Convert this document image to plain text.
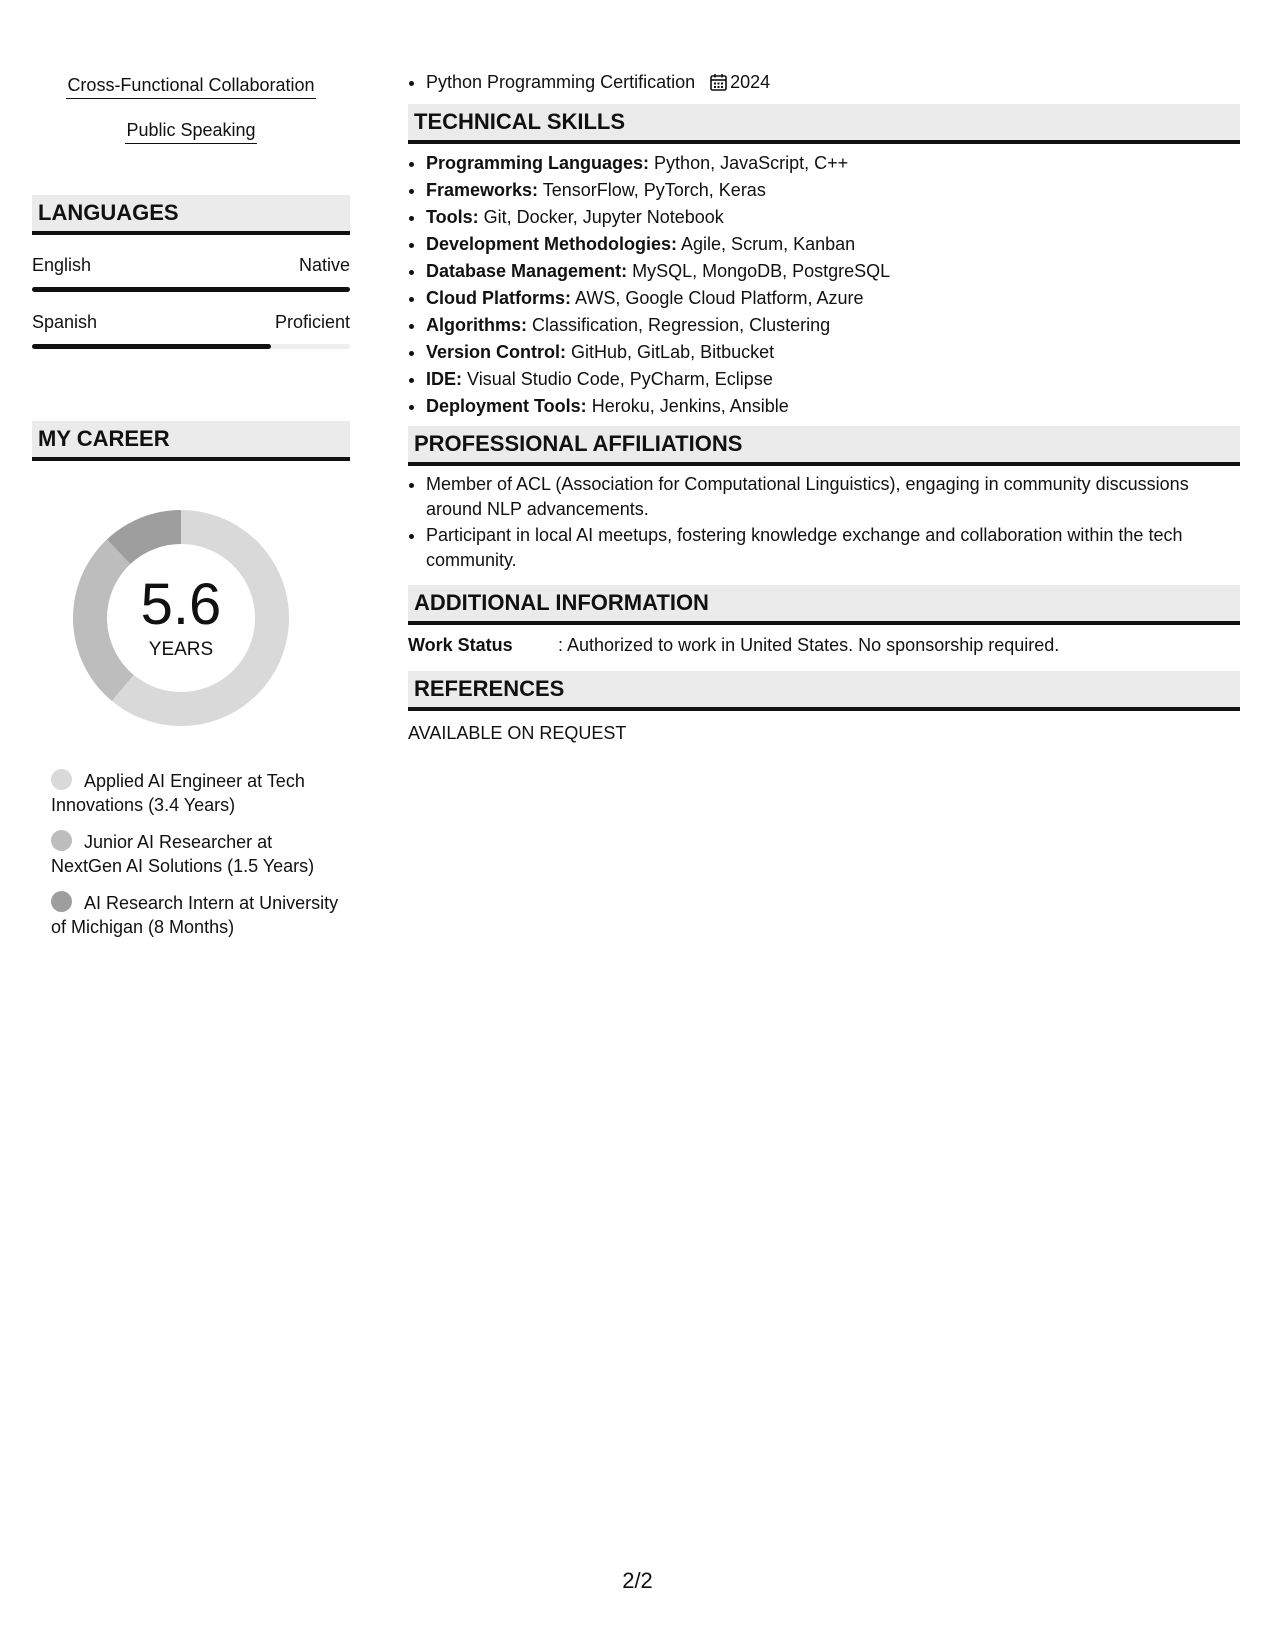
Cross-Functional Collaboration
Public Speaking
LANGUAGES
English	Native
Spanish	Proficient
MY CAREER
5.6
YEARS
Applied AI Engineer at Tech Innovations (3.4 Years)
Junior AI Researcher at NextGen AI Solutions (1.5 Years)
AI Research Intern at University of Michigan (8 Months)
• Python Programming Certification 2024
TECHNICAL SKILLS
• Programming Languages: Python, JavaScript, C++
• Frameworks: TensorFlow, PyTorch, Keras
• Tools: Git, Docker, Jupyter Notebook
• Development Methodologies: Agile, Scrum, Kanban
• Database Management: MySQL, MongoDB, PostgreSQL
• Cloud Platforms: AWS, Google Cloud Platform, Azure
• Algorithms: Classification, Regression, Clustering
• Version Control: GitHub, GitLab, Bitbucket
• IDE: Visual Studio Code, PyCharm, Eclipse
• Deployment Tools: Heroku, Jenkins, Ansible
PROFESSIONAL AFFILIATIONS
• Member of ACL (Association for Computational Linguistics), engaging in community discussions around NLP advancements.
• Participant in local AI meetups, fostering knowledge exchange and collaboration within the tech community.
ADDITIONAL INFORMATION
Work Status	: Authorized to work in United States. No sponsorship required.
REFERENCES
AVAILABLE ON REQUEST
2/2
